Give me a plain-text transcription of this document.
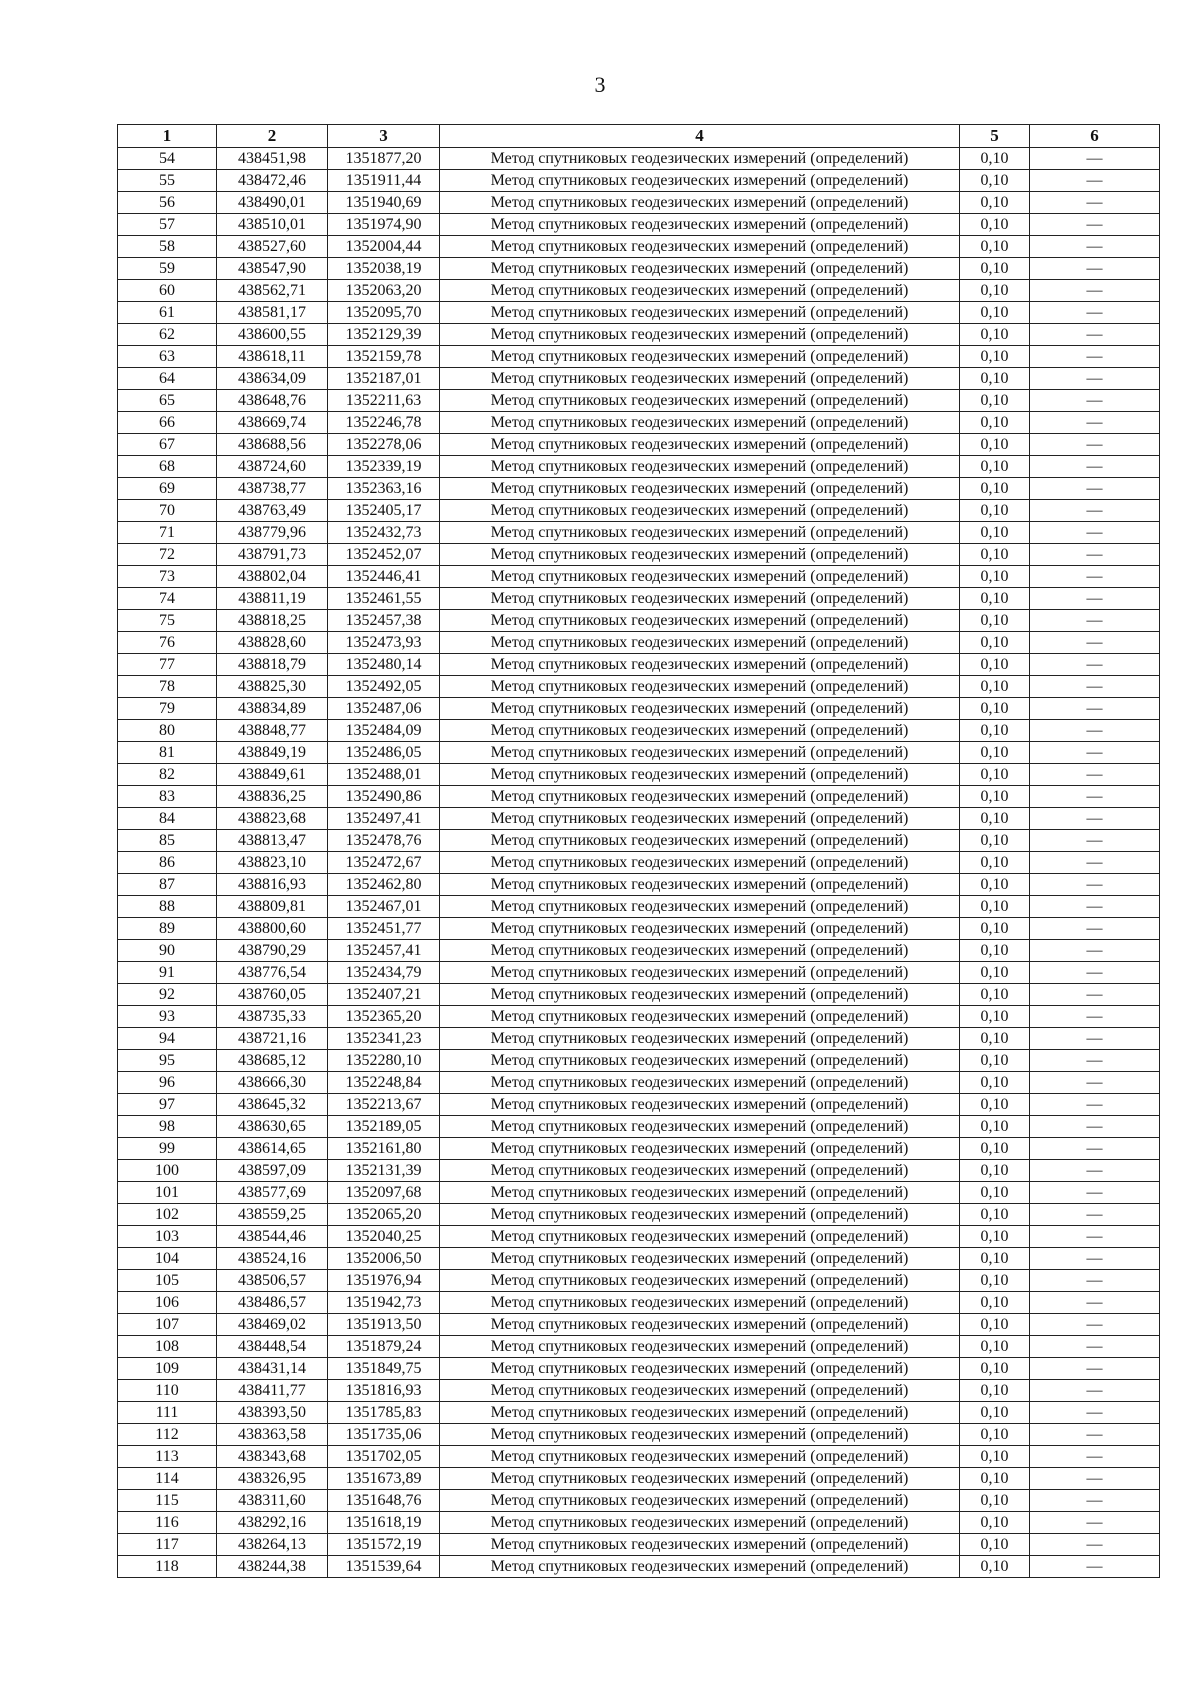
3
1	2	3	4	5	6
54	438451,98	1351877,20	Метод спутниковых геодезических измерений (определений)	0,10	—
55	438472,46	1351911,44	Метод спутниковых геодезических измерений (определений)	0,10	—
56	438490,01	1351940,69	Метод спутниковых геодезических измерений (определений)	0,10	—
57	438510,01	1351974,90	Метод спутниковых геодезических измерений (определений)	0,10	—
58	438527,60	1352004,44	Метод спутниковых геодезических измерений (определений)	0,10	—
59	438547,90	1352038,19	Метод спутниковых геодезических измерений (определений)	0,10	—
60	438562,71	1352063,20	Метод спутниковых геодезических измерений (определений)	0,10	—
61	438581,17	1352095,70	Метод спутниковых геодезических измерений (определений)	0,10	—
62	438600,55	1352129,39	Метод спутниковых геодезических измерений (определений)	0,10	—
63	438618,11	1352159,78	Метод спутниковых геодезических измерений (определений)	0,10	—
64	438634,09	1352187,01	Метод спутниковых геодезических измерений (определений)	0,10	—
65	438648,76	1352211,63	Метод спутниковых геодезических измерений (определений)	0,10	—
66	438669,74	1352246,78	Метод спутниковых геодезических измерений (определений)	0,10	—
67	438688,56	1352278,06	Метод спутниковых геодезических измерений (определений)	0,10	—
68	438724,60	1352339,19	Метод спутниковых геодезических измерений (определений)	0,10	—
69	438738,77	1352363,16	Метод спутниковых геодезических измерений (определений)	0,10	—
70	438763,49	1352405,17	Метод спутниковых геодезических измерений (определений)	0,10	—
71	438779,96	1352432,73	Метод спутниковых геодезических измерений (определений)	0,10	—
72	438791,73	1352452,07	Метод спутниковых геодезических измерений (определений)	0,10	—
73	438802,04	1352446,41	Метод спутниковых геодезических измерений (определений)	0,10	—
74	438811,19	1352461,55	Метод спутниковых геодезических измерений (определений)	0,10	—
75	438818,25	1352457,38	Метод спутниковых геодезических измерений (определений)	0,10	—
76	438828,60	1352473,93	Метод спутниковых геодезических измерений (определений)	0,10	—
77	438818,79	1352480,14	Метод спутниковых геодезических измерений (определений)	0,10	—
78	438825,30	1352492,05	Метод спутниковых геодезических измерений (определений)	0,10	—
79	438834,89	1352487,06	Метод спутниковых геодезических измерений (определений)	0,10	—
80	438848,77	1352484,09	Метод спутниковых геодезических измерений (определений)	0,10	—
81	438849,19	1352486,05	Метод спутниковых геодезических измерений (определений)	0,10	—
82	438849,61	1352488,01	Метод спутниковых геодезических измерений (определений)	0,10	—
83	438836,25	1352490,86	Метод спутниковых геодезических измерений (определений)	0,10	—
84	438823,68	1352497,41	Метод спутниковых геодезических измерений (определений)	0,10	—
85	438813,47	1352478,76	Метод спутниковых геодезических измерений (определений)	0,10	—
86	438823,10	1352472,67	Метод спутниковых геодезических измерений (определений)	0,10	—
87	438816,93	1352462,80	Метод спутниковых геодезических измерений (определений)	0,10	—
88	438809,81	1352467,01	Метод спутниковых геодезических измерений (определений)	0,10	—
89	438800,60	1352451,77	Метод спутниковых геодезических измерений (определений)	0,10	—
90	438790,29	1352457,41	Метод спутниковых геодезических измерений (определений)	0,10	—
91	438776,54	1352434,79	Метод спутниковых геодезических измерений (определений)	0,10	—
92	438760,05	1352407,21	Метод спутниковых геодезических измерений (определений)	0,10	—
93	438735,33	1352365,20	Метод спутниковых геодезических измерений (определений)	0,10	—
94	438721,16	1352341,23	Метод спутниковых геодезических измерений (определений)	0,10	—
95	438685,12	1352280,10	Метод спутниковых геодезических измерений (определений)	0,10	—
96	438666,30	1352248,84	Метод спутниковых геодезических измерений (определений)	0,10	—
97	438645,32	1352213,67	Метод спутниковых геодезических измерений (определений)	0,10	—
98	438630,65	1352189,05	Метод спутниковых геодезических измерений (определений)	0,10	—
99	438614,65	1352161,80	Метод спутниковых геодезических измерений (определений)	0,10	—
100	438597,09	1352131,39	Метод спутниковых геодезических измерений (определений)	0,10	—
101	438577,69	1352097,68	Метод спутниковых геодезических измерений (определений)	0,10	—
102	438559,25	1352065,20	Метод спутниковых геодезических измерений (определений)	0,10	—
103	438544,46	1352040,25	Метод спутниковых геодезических измерений (определений)	0,10	—
104	438524,16	1352006,50	Метод спутниковых геодезических измерений (определений)	0,10	—
105	438506,57	1351976,94	Метод спутниковых геодезических измерений (определений)	0,10	—
106	438486,57	1351942,73	Метод спутниковых геодезических измерений (определений)	0,10	—
107	438469,02	1351913,50	Метод спутниковых геодезических измерений (определений)	0,10	—
108	438448,54	1351879,24	Метод спутниковых геодезических измерений (определений)	0,10	—
109	438431,14	1351849,75	Метод спутниковых геодезических измерений (определений)	0,10	—
110	438411,77	1351816,93	Метод спутниковых геодезических измерений (определений)	0,10	—
111	438393,50	1351785,83	Метод спутниковых геодезических измерений (определений)	0,10	—
112	438363,58	1351735,06	Метод спутниковых геодезических измерений (определений)	0,10	—
113	438343,68	1351702,05	Метод спутниковых геодезических измерений (определений)	0,10	—
114	438326,95	1351673,89	Метод спутниковых геодезических измерений (определений)	0,10	—
115	438311,60	1351648,76	Метод спутниковых геодезических измерений (определений)	0,10	—
116	438292,16	1351618,19	Метод спутниковых геодезических измерений (определений)	0,10	—
117	438264,13	1351572,19	Метод спутниковых геодезических измерений (определений)	0,10	—
118	438244,38	1351539,64	Метод спутниковых геодезических измерений (определений)	0,10	—
